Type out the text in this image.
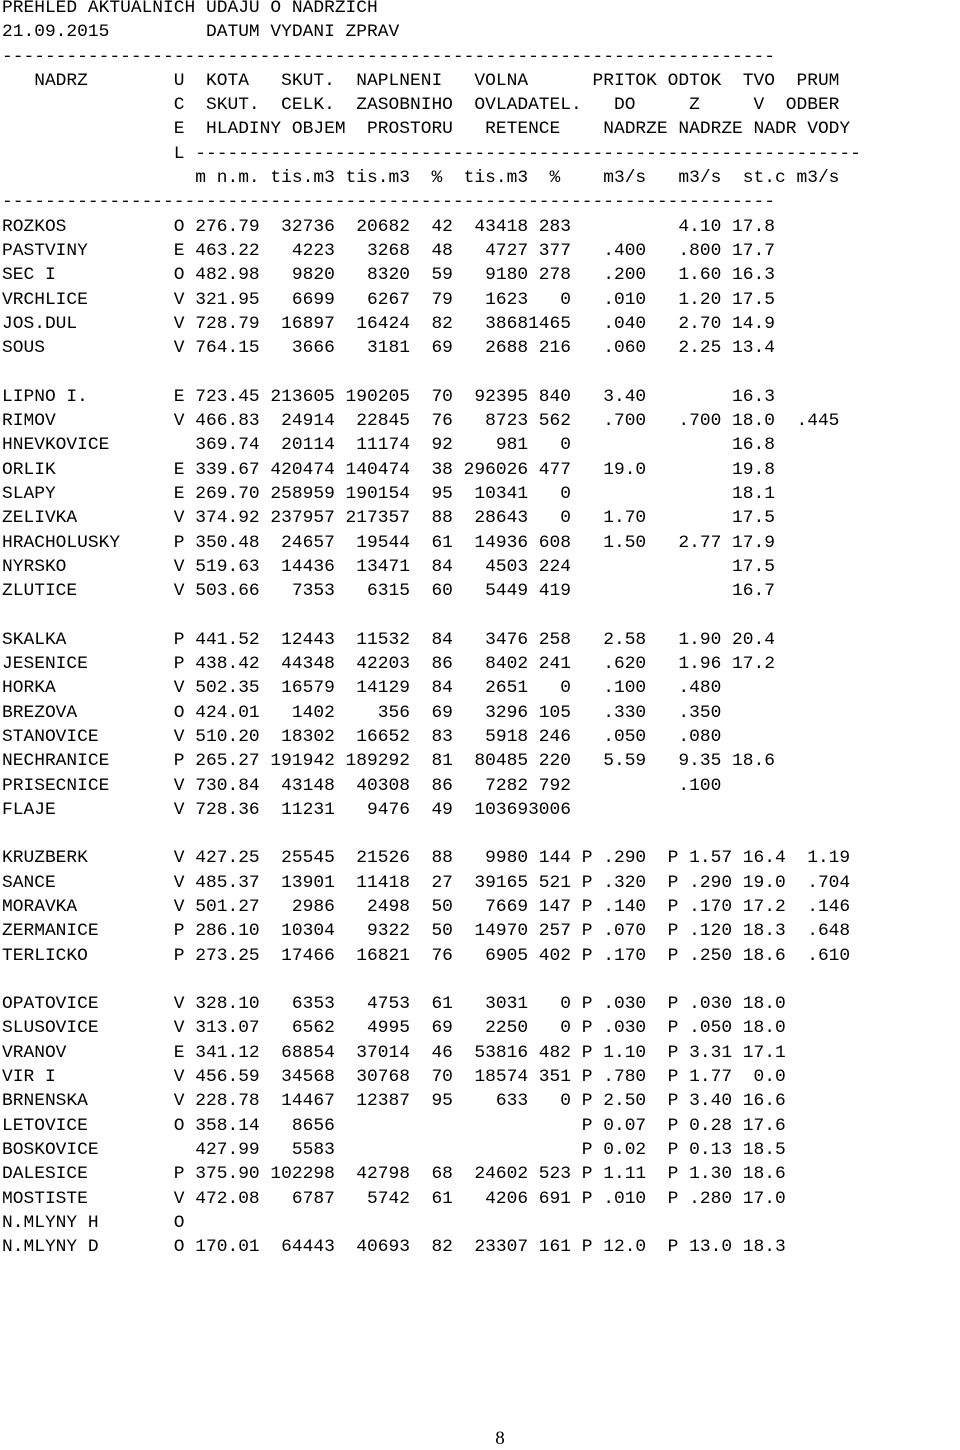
PREHLED AKTUALNICH UDAJU O NADRZICH
21.09.2015         DATUM VYDANI ZPRAV
------------------------------------------------------------------------
NADRZ        U  KOTA   SKUT.  NAPLNENI   VOLNA      PRITOK ODTOK  TVO  PRUM
C  SKUT.  CELK.  ZASOBNIHO  OVLADATEL.   DO     Z     V  ODBER
E  HLADINY OBJEM  PROSTORU   RETENCE    NADRZE NADRZE NADR VODY
L --------------------------------------------------------------
m n.m. tis.m3 tis.m3  %  tis.m3  %    m3/s   m3/s  st.c m3/s
------------------------------------------------------------------------
ROZKOS          O 276.79  32736  20682  42  43418 283          4.10 17.8
PASTVINY        E 463.22   4223   3268  48   4727 377   .400   .800 17.7
SEC I           O 482.98   9820   8320  59   9180 278   .200   1.60 16.3
VRCHLICE        V 321.95   6699   6267  79   1623   0   .010   1.20 17.5
JOS.DUL         V 728.79  16897  16424  82   38681465   .040   2.70 14.9
SOUS            V 764.15   3666   3181  69   2688 216   .060   2.25 13.4
LIPNO I.        E 723.45 213605 190205  70  92395 840   3.40        16.3
RIMOV           V 466.83  24914  22845  76   8723 562   .700   .700 18.0  .445
HNEVKOVICE        369.74  20114  11174  92    981   0               16.8
ORLIK           E 339.67 420474 140474  38 296026 477   19.0        19.8
SLAPY           E 269.70 258959 190154  95  10341   0               18.1
ZELIVKA         V 374.92 237957 217357  88  28643   0   1.70        17.5
HRACHOLUSKY     P 350.48  24657  19544  61  14936 608   1.50   2.77 17.9
NYRSKO          V 519.63  14436  13471  84   4503 224               17.5
ZLUTICE         V 503.66   7353   6315  60   5449 419               16.7
SKALKA          P 441.52  12443  11532  84   3476 258   2.58   1.90 20.4
JESENICE        P 438.42  44348  42203  86   8402 241   .620   1.96 17.2
HORKA           V 502.35  16579  14129  84   2651   0   .100   .480
BREZOVA         O 424.01   1402    356  69   3296 105   .330   .350
STANOVICE       V 510.20  18302  16652  83   5918 246   .050   .080
NECHRANICE      P 265.27 191942 189292  81  80485 220   5.59   9.35 18.6
PRISECNICE      V 730.84  43148  40308  86   7282 792          .100
FLAJE           V 728.36  11231   9476  49  103693006
KRUZBERK        V 427.25  25545  21526  88   9980 144 P .290  P 1.57 16.4  1.19
SANCE           V 485.37  13901  11418  27  39165 521 P .320  P .290 19.0  .704
MORAVKA         V 501.27   2986   2498  50   7669 147 P .140  P .170 17.2  .146
ZERMANICE       P 286.10  10304   9322  50  14970 257 P .070  P .120 18.3  .648
TERLICKO        P 273.25  17466  16821  76   6905 402 P .170  P .250 18.6  .610
OPATOVICE       V 328.10   6353   4753  61   3031   0 P .030  P .030 18.0
SLUSOVICE       V 313.07   6562   4995  69   2250   0 P .030  P .050 18.0
VRANOV          E 341.12  68854  37014  46  53816 482 P 1.10  P 3.31 17.1
VIR I           V 456.59  34568  30768  70  18574 351 P .780  P 1.77  0.0
BRNENSKA        V 228.78  14467  12387  95    633   0 P 2.50  P 3.40 16.6
LETOVICE        O 358.14   8656                       P 0.07  P 0.28 17.6
BOSKOVICE         427.99   5583                       P 0.02  P 0.13 18.5
DALESICE        P 375.90 102298  42798  68  24602 523 P 1.11  P 1.30 18.6
MOSTISTE        V 472.08   6787   5742  61   4206 691 P .010  P .280 17.0
N.MLYNY H       O
N.MLYNY D       O 170.01  64443  40693  82  23307 161 P 12.0  P 13.0 18.3
8
